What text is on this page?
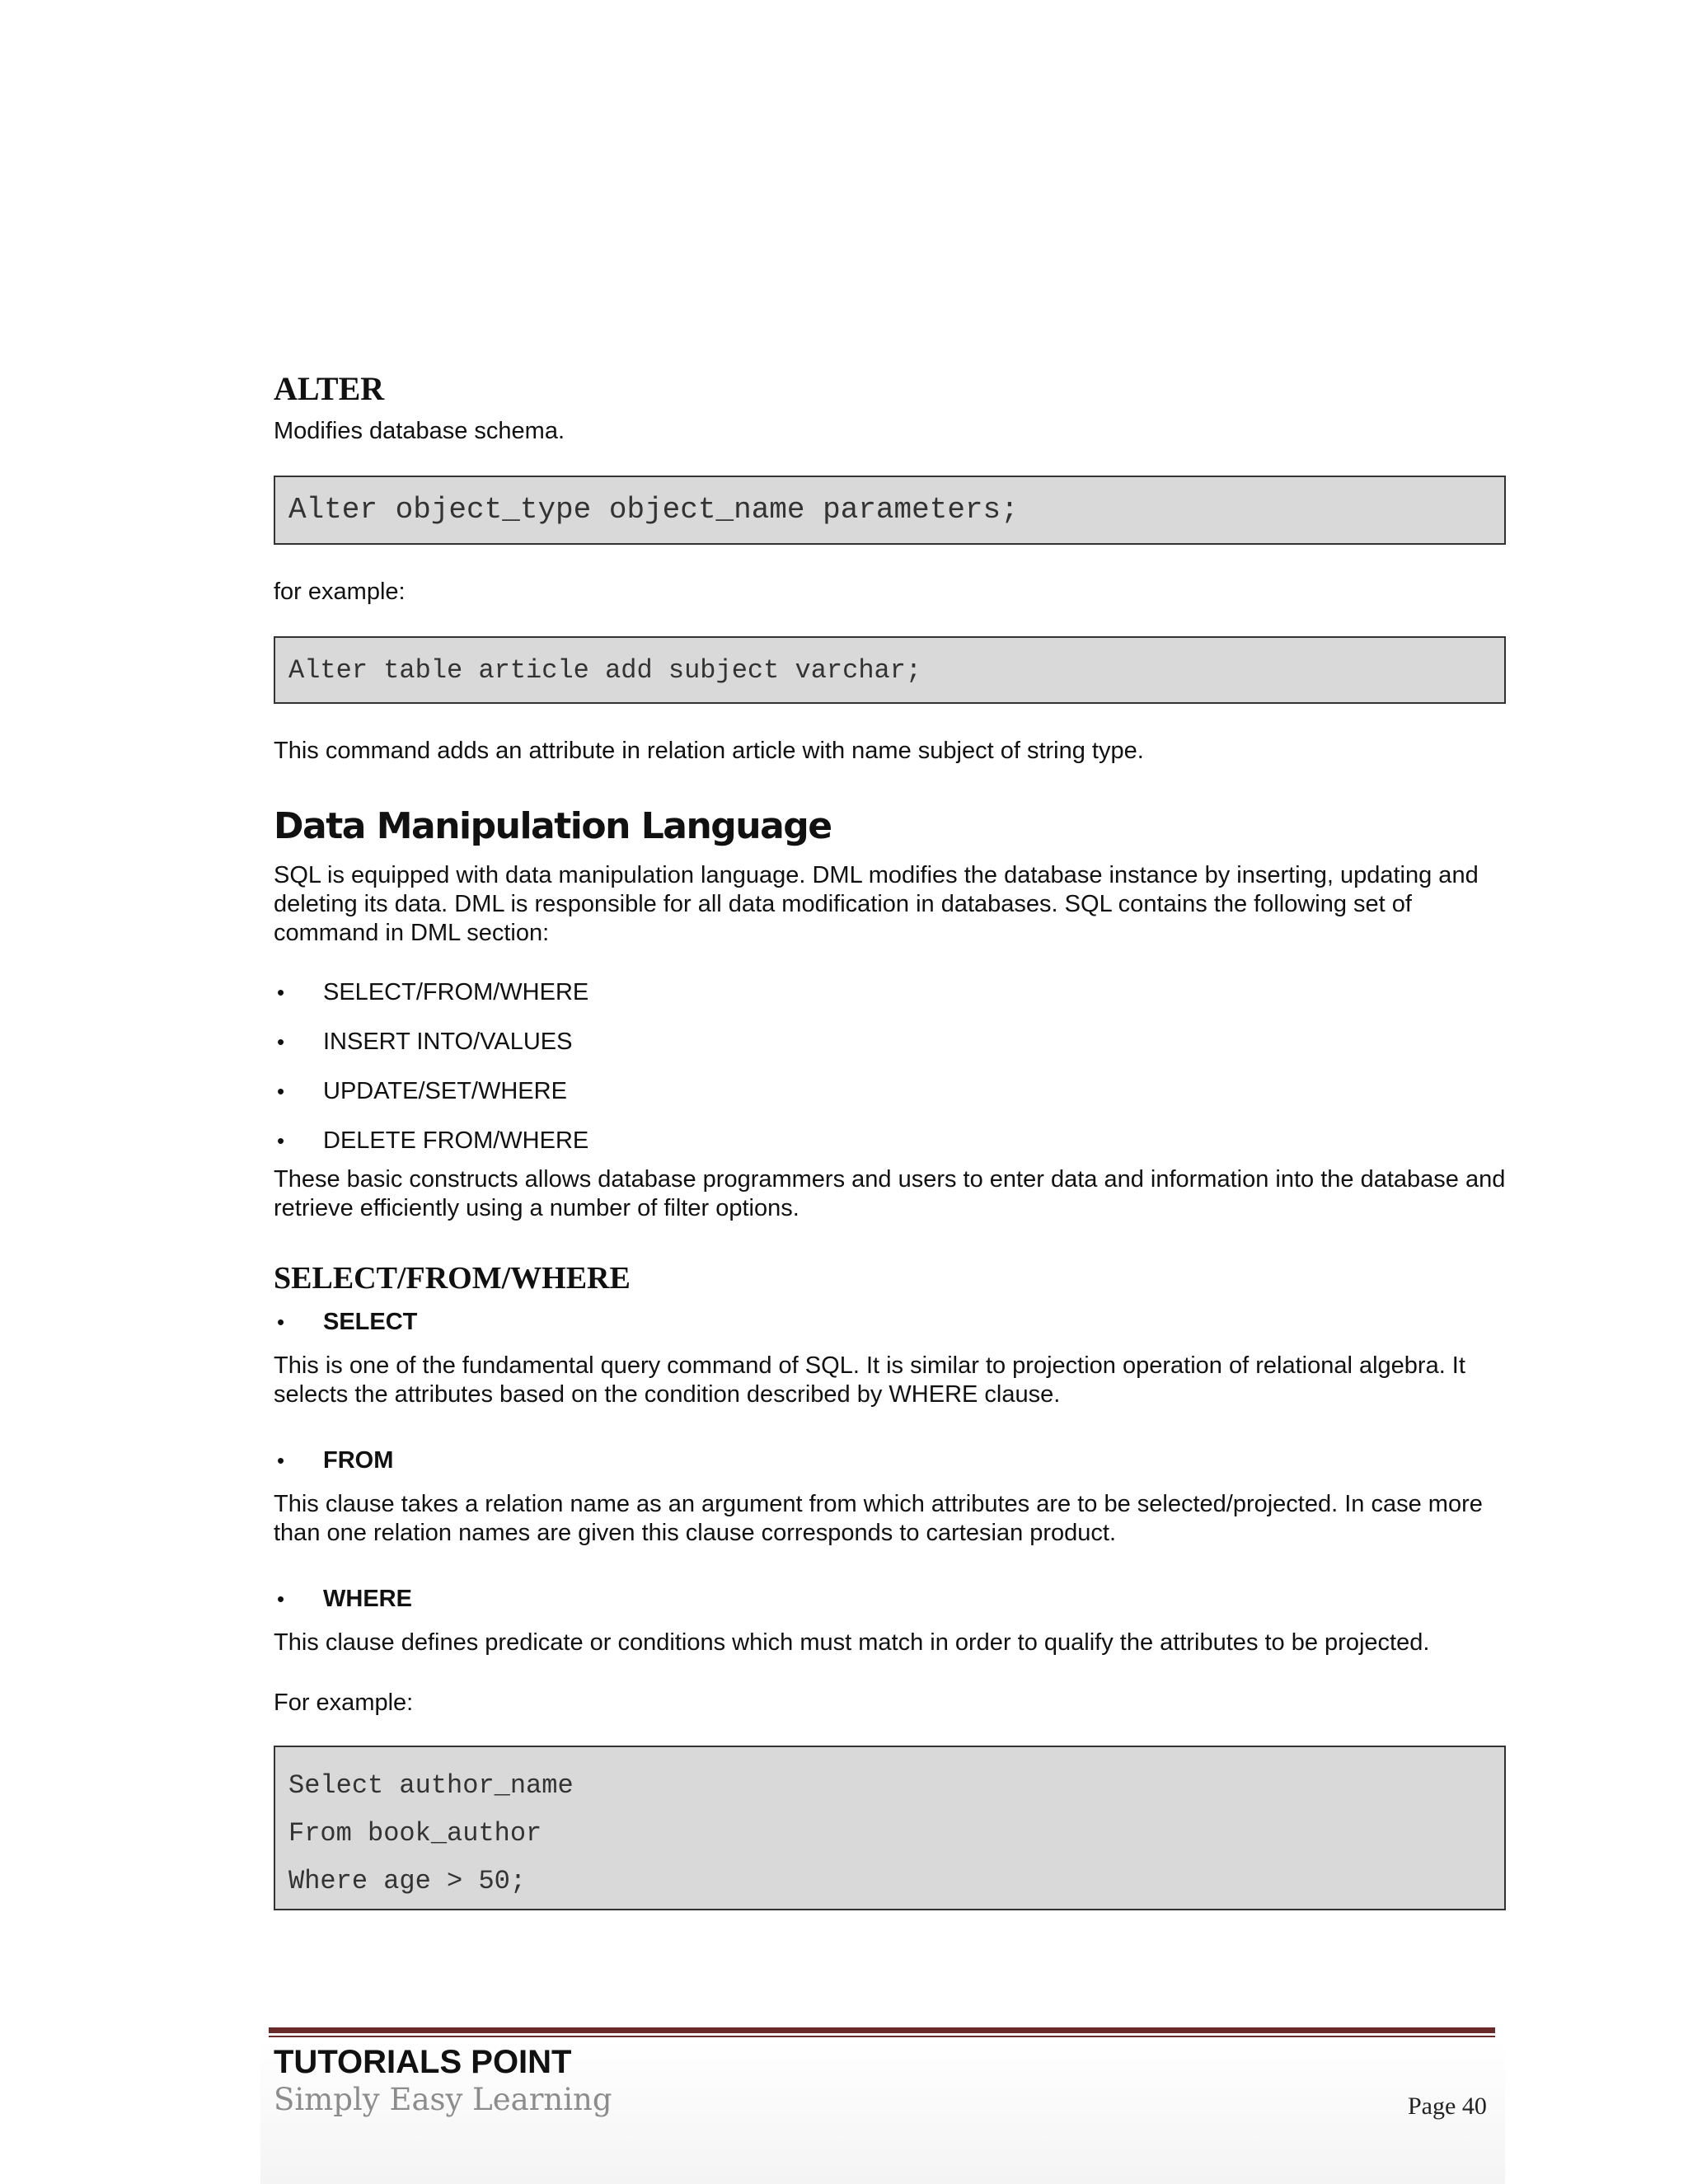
ALTER

Modifies database schema.

Alter object_type object_name parameters;

for example:

Alter table article add subject varchar;

This command adds an attribute in relation article with name subject of string type.

Data Manipulation Language

SQL is equipped with data manipulation language. DML modifies the database instance by inserting, updating and deleting its data. DML is responsible for all data modification in databases. SQL contains the following set of command in DML section:

• SELECT/FROM/WHERE
• INSERT INTO/VALUES
• UPDATE/SET/WHERE
• DELETE FROM/WHERE

These basic constructs allows database programmers and users to enter data and information into the database and retrieve efficiently using a number of filter options.

SELECT/FROM/WHERE
• SELECT

This is one of the fundamental query command of SQL. It is similar to projection operation of relational algebra. It selects the attributes based on the condition described by WHERE clause.

• FROM

This clause takes a relation name as an argument from which attributes are to be selected/projected. In case more than one relation names are given this clause corresponds to cartesian product.

• WHERE

This clause defines predicate or conditions which must match in order to qualify the attributes to be projected.

For example:

Select author_name
From book_author
Where age > 50;
TUTORIALS POINT
Simply Easy Learning	Page 40
